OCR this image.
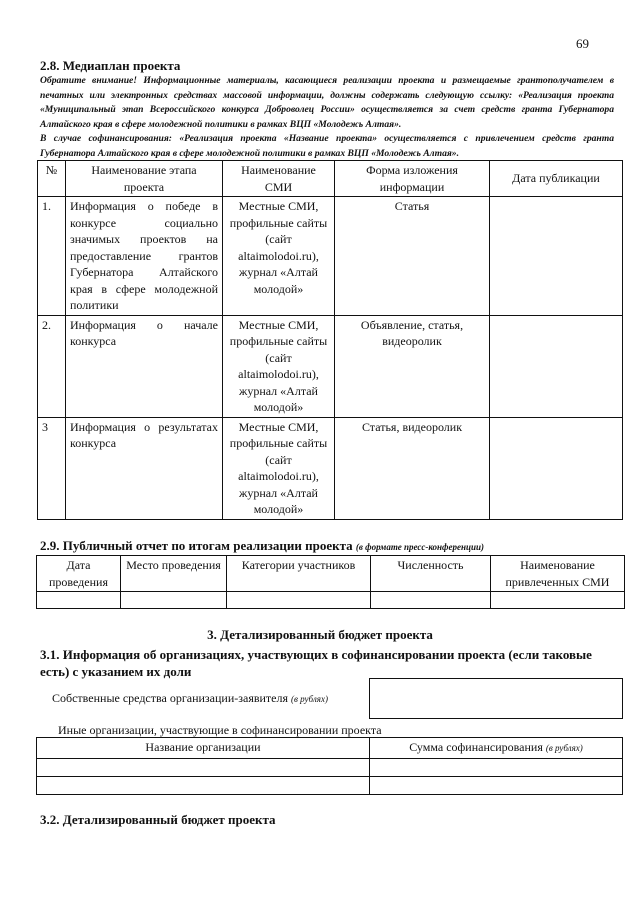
69
2.8. Медиаплан проекта

Обратите внимание! Информационные материалы, касающиеся реализации проекта и размещаемые грантополучателем в печатных или электронных средствах массовой информации, должны содержать следующую ссылку: «Реализация проекта «Муниципальный этап Всероссийского конкурса Доброволец России» осуществляется за счет средств гранта Губернатора Алтайского края в сфере молодежной политики в рамках ВЦП «Молодежь Алтая».

В случае софинансирования: «Реализация проекта «Название проекта» осуществляется с привлечением средств гранта Губернатора Алтайского края в сфере молодежной политики в рамках ВЦП «Молодежь Алтая».

№	Наименование этапа проекта	Наименование СМИ	Форма изложения информации	Дата публикации
1.	Информация о победе в конкурсе социально значимых проектов на предоставление грантов Губернатора Алтайского края в сфере молодежной политики	Местные СМИ, профильные сайты (сайт altaimolodoi.ru), журнал «Алтай молодой»	Статья	
2.	Информация о начале конкурса	Местные СМИ, профильные сайты (сайт altaimolodoi.ru), журнал «Алтай молодой»	Объявление, статья, видеоролик	
3	Информация о результатах конкурса	Местные СМИ, профильные сайты (сайт altaimolodoi.ru), журнал «Алтай молодой»	Статья, видеоролик	
2.9. Публичный отчет по итогам реализации проекта (в формате пресс-конференции)
Дата проведения	Место проведения	Категории участников	Численность	Наименование привлеченных СМИ

3. Детализированный бюджет проекта
3.1. Информация об организациях, участвующих в софинансировании проекта (если таковые есть) с указанием их доли
Собственные средства организации-заявителя (в рублях)
Иные организации, участвующие в софинансировании проекта
Название организации	Сумма софинансирования (в рублях)

3.2. Детализированный бюджет проекта
